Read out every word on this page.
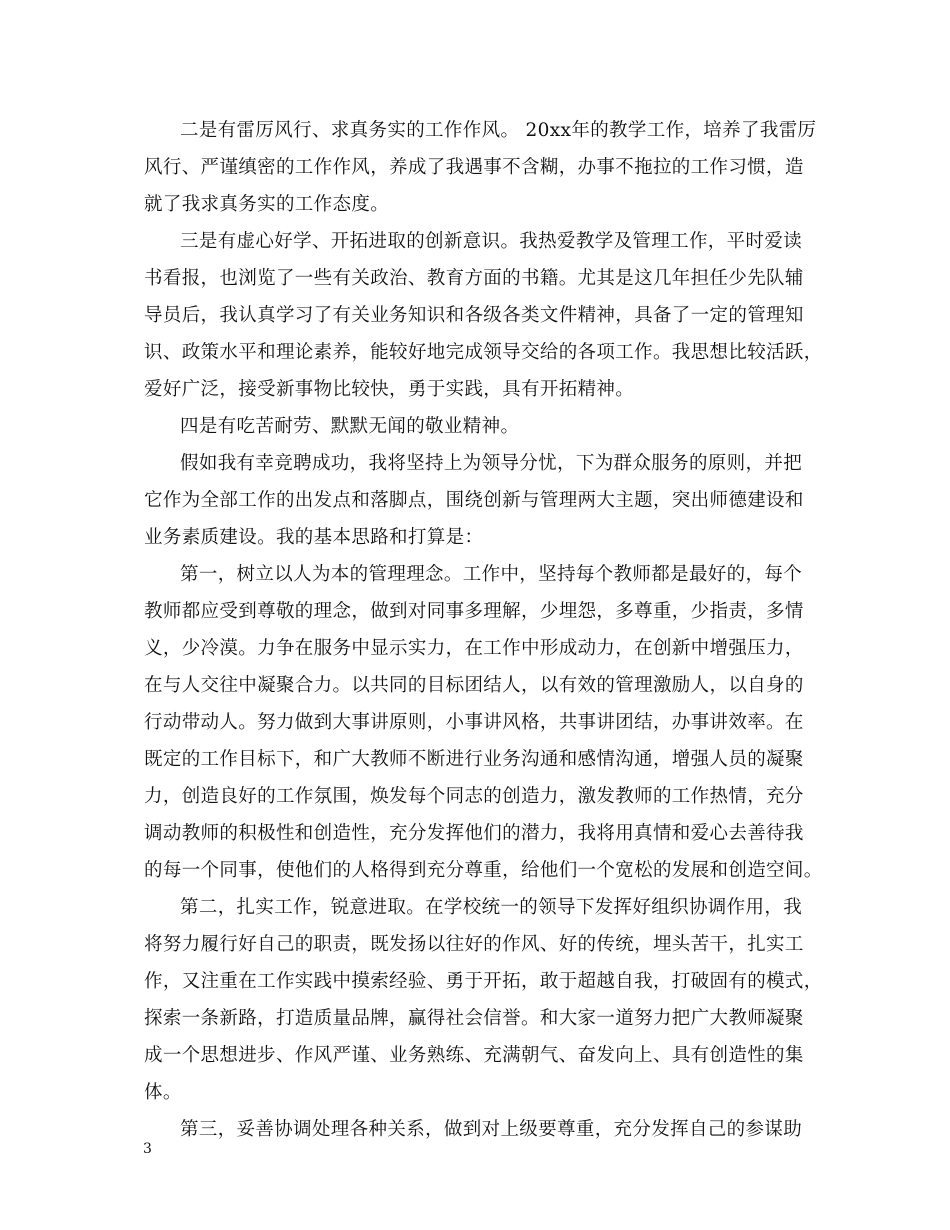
二是有雷厉风行、求真务实的工作作风。 20xx年的教学工作，培养了我雷厉
风行、严谨缜密的工作作风，养成了我遇事不含糊，办事不拖拉的工作习惯，造
就了我求真务实的工作态度。
三是有虚心好学、开拓进取的创新意识。我热爱教学及管理工作，平时爱读
书看报，也浏览了一些有关政治、教育方面的书籍。尤其是这几年担任少先队辅
导员后，我认真学习了有关业务知识和各级各类文件精神，具备了一定的管理知
识、政策水平和理论素养，能较好地完成领导交给的各项工作。我思想比较活跃，
爱好广泛，接受新事物比较快，勇于实践，具有开拓精神。
四是有吃苦耐劳、默默无闻的敬业精神。
假如我有幸竞聘成功，我将坚持上为领导分忧，下为群众服务的原则，并把
它作为全部工作的出发点和落脚点，围绕创新与管理两大主题，突出师德建设和
业务素质建设。我的基本思路和打算是：
第一，树立以人为本的管理理念。工作中，坚持每个教师都是最好的，每个
教师都应受到尊敬的理念，做到对同事多理解，少埋怨，多尊重，少指责，多情
义，少冷漠。力争在服务中显示实力，在工作中形成动力，在创新中增强压力，
在与人交往中凝聚合力。以共同的目标团结人，以有效的管理激励人，以自身的
行动带动人。努力做到大事讲原则，小事讲风格，共事讲团结，办事讲效率。在
既定的工作目标下，和广大教师不断进行业务沟通和感情沟通，增强人员的凝聚
力，创造良好的工作氛围，焕发每个同志的创造力，激发教师的工作热情，充分
调动教师的积极性和创造性，充分发挥他们的潜力，我将用真情和爱心去善待我
的每一个同事，使他们的人格得到充分尊重，给他们一个宽松的发展和创造空间。
第二，扎实工作，锐意进取。在学校统一的领导下发挥好组织协调作用，我
将努力履行好自己的职责，既发扬以往好的作风、好的传统，埋头苦干，扎实工
作，又注重在工作实践中摸索经验、勇于开拓，敢于超越自我，打破固有的模式，
探索一条新路，打造质量品牌，赢得社会信誉。和大家一道努力把广大教师凝聚
成一个思想进步、作风严谨、业务熟练、充满朝气、奋发向上、具有创造性的集
体。
第三，妥善协调处理各种关系，做到对上级要尊重，充分发挥自己的参谋助
3
